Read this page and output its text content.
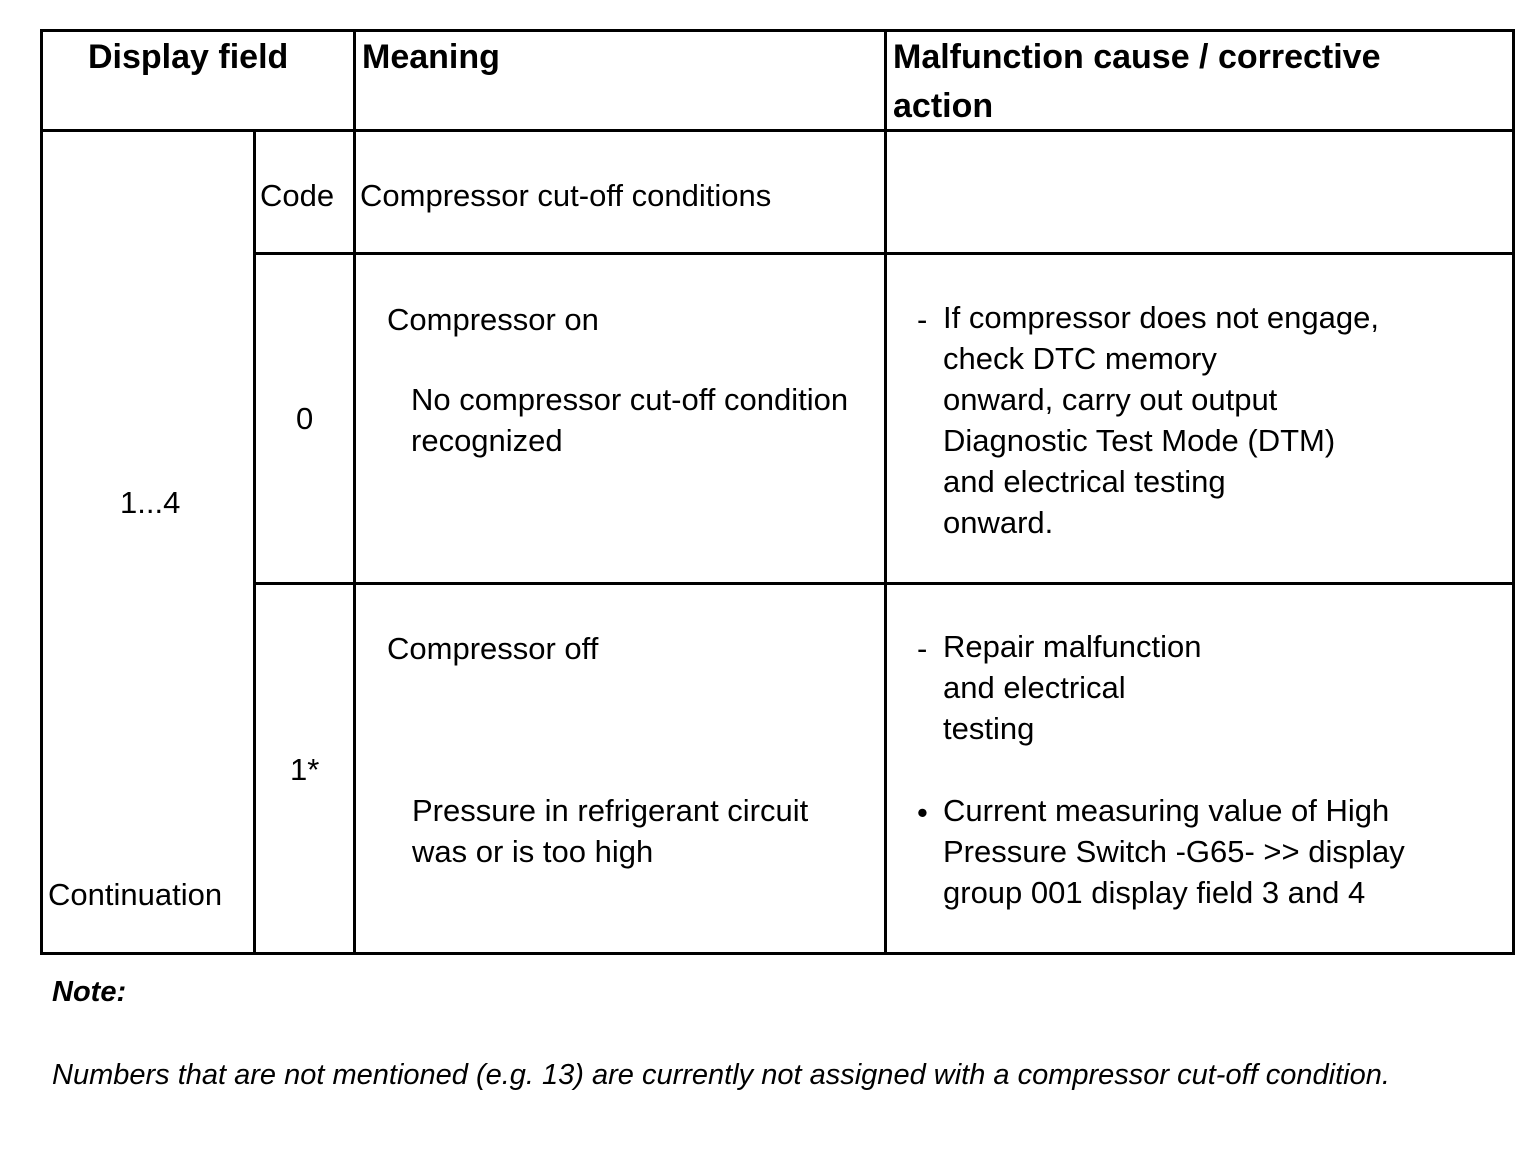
Display field Meaning	Malfunction cause / corrective
action
1...4
Continuation
Code Compressor cut-off conditions
0
Compressor on
No compressor cut-off condition
recognized
- If compressor does not engage,
check DTC memory
onward, carry out output
Diagnostic Test Mode (DTM)
and electrical testing
onward.
1*
Compressor off
Pressure in refrigerant circuit
was or is too high
- Repair malfunction
and electrical
testing
• Current measuring value of High
Pressure Switch -G65- >> display
group 001 display field 3 and 4
Note:
Numbers that are not mentioned (e.g. 13) are currently not assigned with a compressor cut-off condition.
